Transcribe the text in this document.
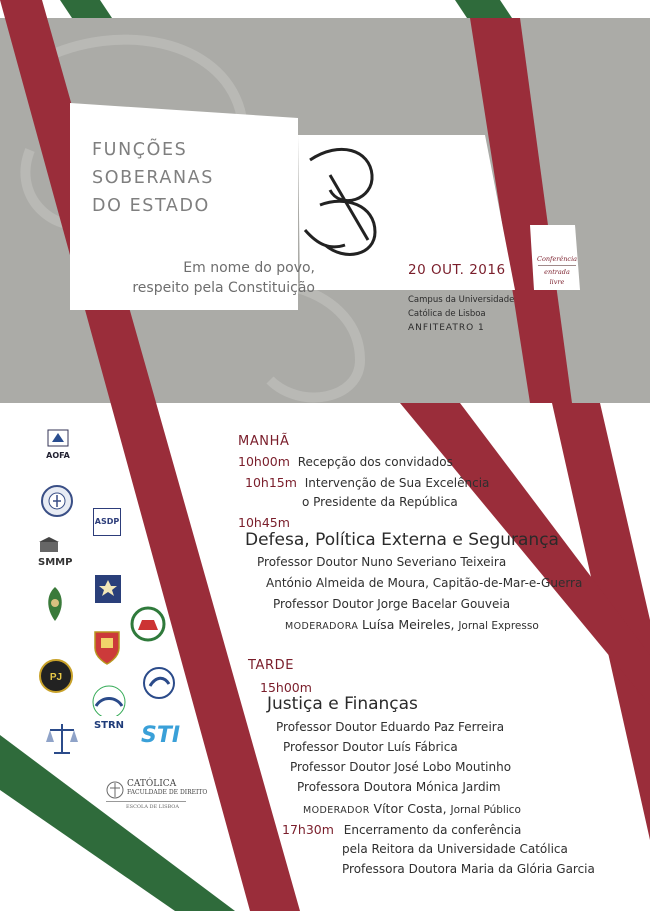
FUNÇÕES
SOBERANAS
DO ESTADO
Em nome do povo,
respeito pela Constituição
20 OUT. 2016
Campus da Universidade
Católica de Lisboa
ANFITEATRO 1
Conferência
entrada
livre
MANHÃ
10h00m Recepção dos convidados
10h15m Intervenção de Sua Excelência
o Presidente da República
10h45m
Defesa, Política Externa e Segurança
Professor Doutor Nuno Severiano Teixeira
António Almeida de Moura, Capitão-de-Mar-e-Guerra
Professor Doutor Jorge Bacelar Gouveia
MODERADORA Luísa Meireles, Jornal Expresso
TARDE
15h00m
Justiça e Finanças
Professor Doutor Eduardo Paz Ferreira
Professor Doutor Luís Fábrica
Professor Doutor José Lobo Moutinho
Professora Doutora Mónica Jardim
MODERADOR Vítor Costa, Jornal Público
17h30m Encerramento da conferência
pela Reitora da Universidade Católica
Professora Doutora Maria da Glória Garcia
AOFA
ASDP
SMMP
PJ
STRN STI
CATÓLICA
FACULDADE DE DIREITO
ESCOLA DE LISBOA
